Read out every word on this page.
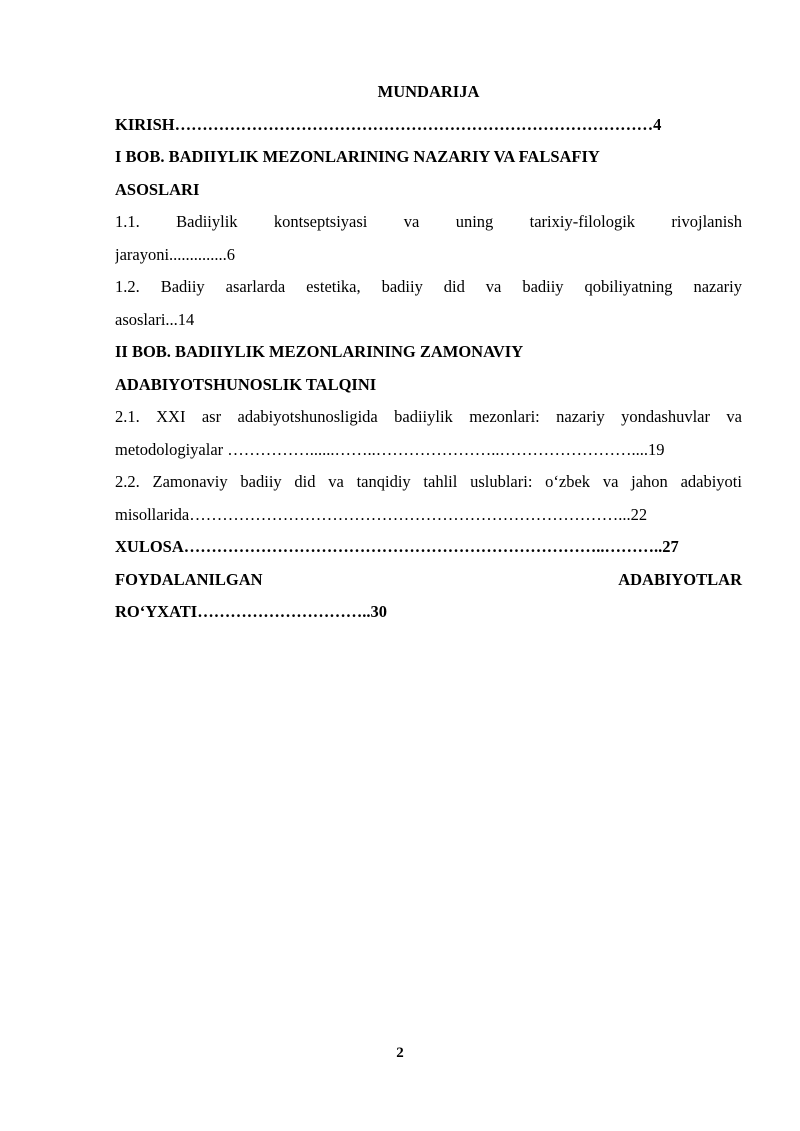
MUNDARIJA

KIRISH……………………………………………………………………………4

I BOB. BADIIYLIK MEZONLARINING NAZARIY VA FALSAFIY

ASOSLARI

1.1. Badiiylik kontseptsiyasi va uning tarixiy-filologik rivojlanish

jarayoni..............6

1.2. Badiiy asarlarda estetika, badiiy did va badiiy qobiliyatning nazariy

asoslari...14

II BOB. BADIIYLIK MEZONLARINING ZAMONAVIY

ADABIYOTSHUNOSLIK TALQINI

2.1. XXI asr adabiyotshunosligida badiiylik mezonlari: nazariy yondashuvlar va

metodologiyalar ……………......……..…………………..……………………....19

2.2. Zamonaviy badiiy did va tanqidiy tahlil uslublari: o‘zbek va jahon adabiyoti

misollarida……………………………………………………………………...22

XULOSA…………………………………………………………………..………..27

FOYDALANILGAN	ADABIYOTLAR

RO‘YXATI…………………………..30

2
